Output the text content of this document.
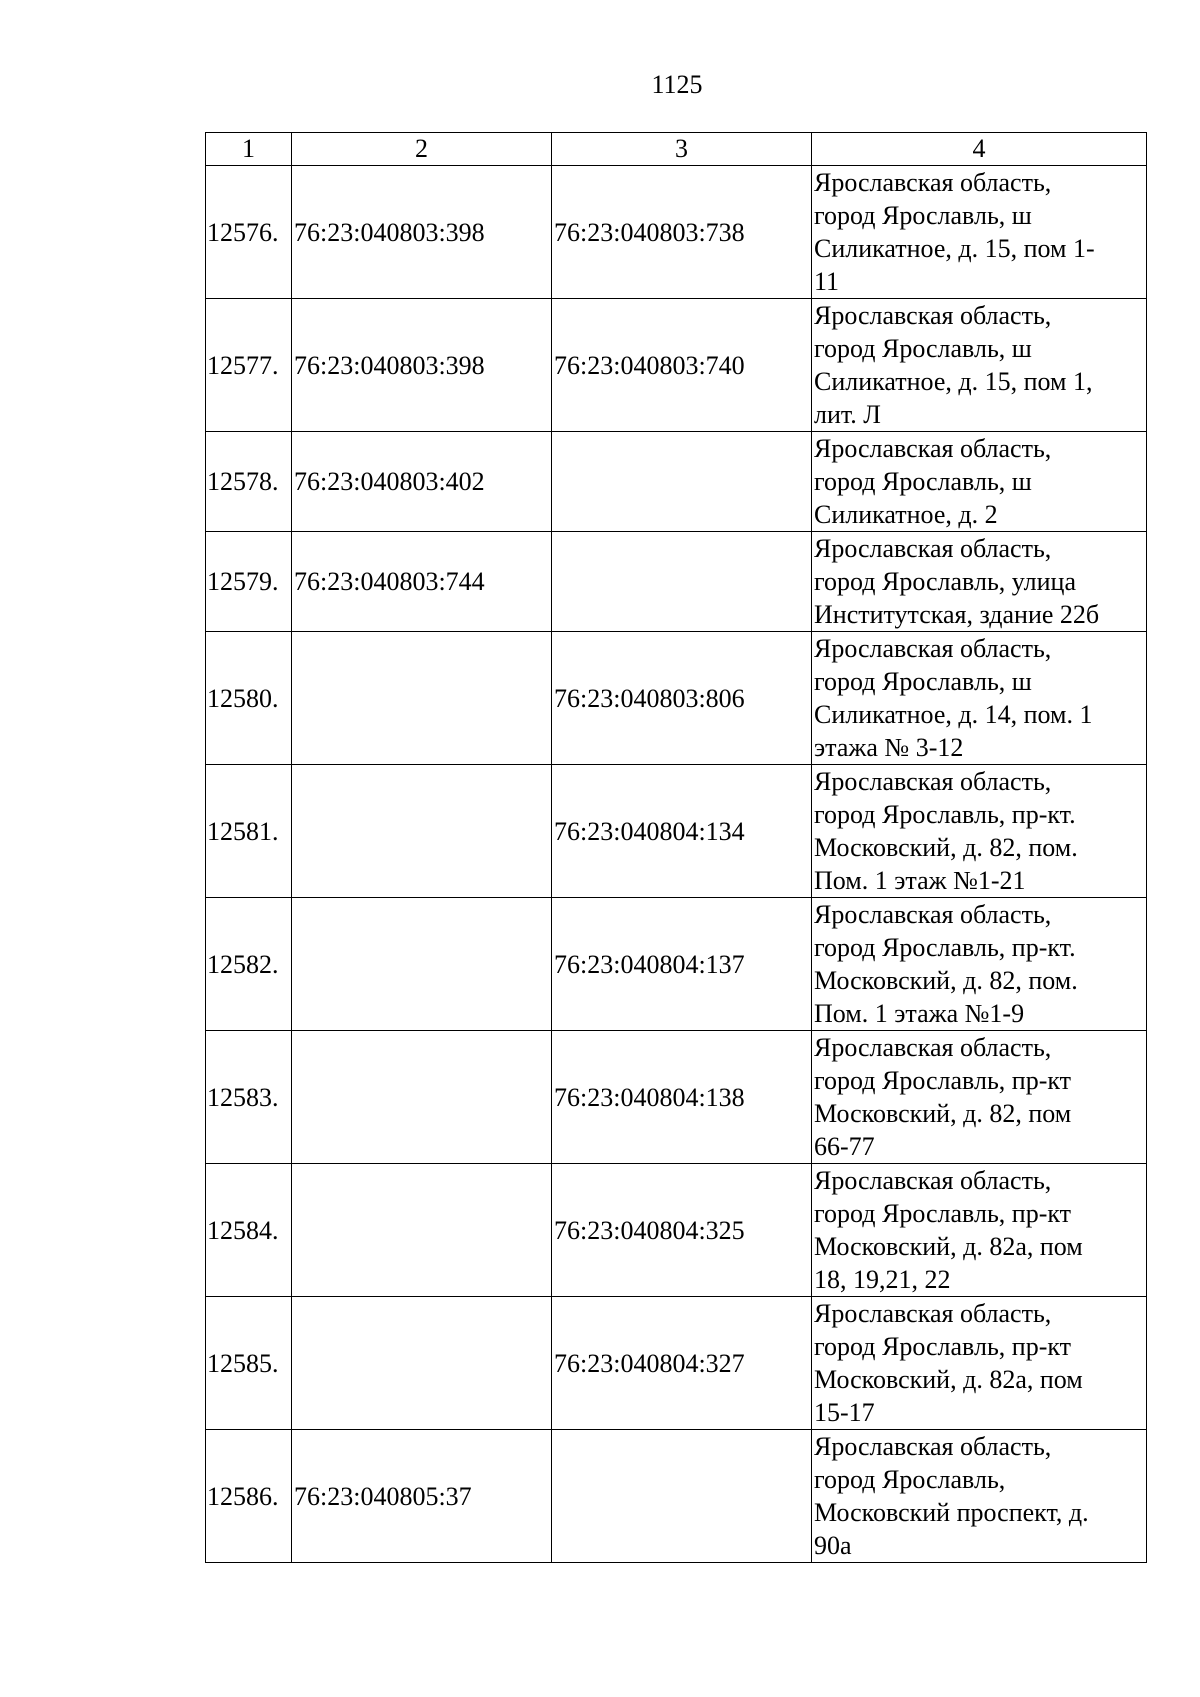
1125
1	2	3	4
12576.	76:23:040803:398	76:23:040803:738	Ярославская область,
город Ярославль, ш
Силикатное, д. 15, пом 1-
11
12577.	76:23:040803:398	76:23:040803:740	Ярославская область,
город Ярославль, ш
Силикатное, д. 15, пом 1,
лит. Л
12578.	76:23:040803:402		Ярославская область,
город Ярославль, ш
Силикатное, д. 2
12579.	76:23:040803:744		Ярославская область,
город Ярославль, улица
Институтская, здание 22б
12580.		76:23:040803:806	Ярославская область,
город Ярославль, ш
Силикатное, д. 14, пом. 1
этажа № 3-12
12581.		76:23:040804:134	Ярославская область,
город Ярославль, пр-кт.
Московский, д. 82, пом.
Пом. 1 этаж №1-21
12582.		76:23:040804:137	Ярославская область,
город Ярославль, пр-кт.
Московский, д. 82, пом.
Пом. 1 этажа №1-9
12583.		76:23:040804:138	Ярославская область,
город Ярославль, пр-кт
Московский, д. 82, пом
66-77
12584.		76:23:040804:325	Ярославская область,
город Ярославль, пр-кт
Московский, д. 82а, пом
18, 19,21, 22
12585.		76:23:040804:327	Ярославская область,
город Ярославль, пр-кт
Московский, д. 82а, пом
15-17
12586.	76:23:040805:37		Ярославская область,
город Ярославль,
Московский проспект, д.
90а
